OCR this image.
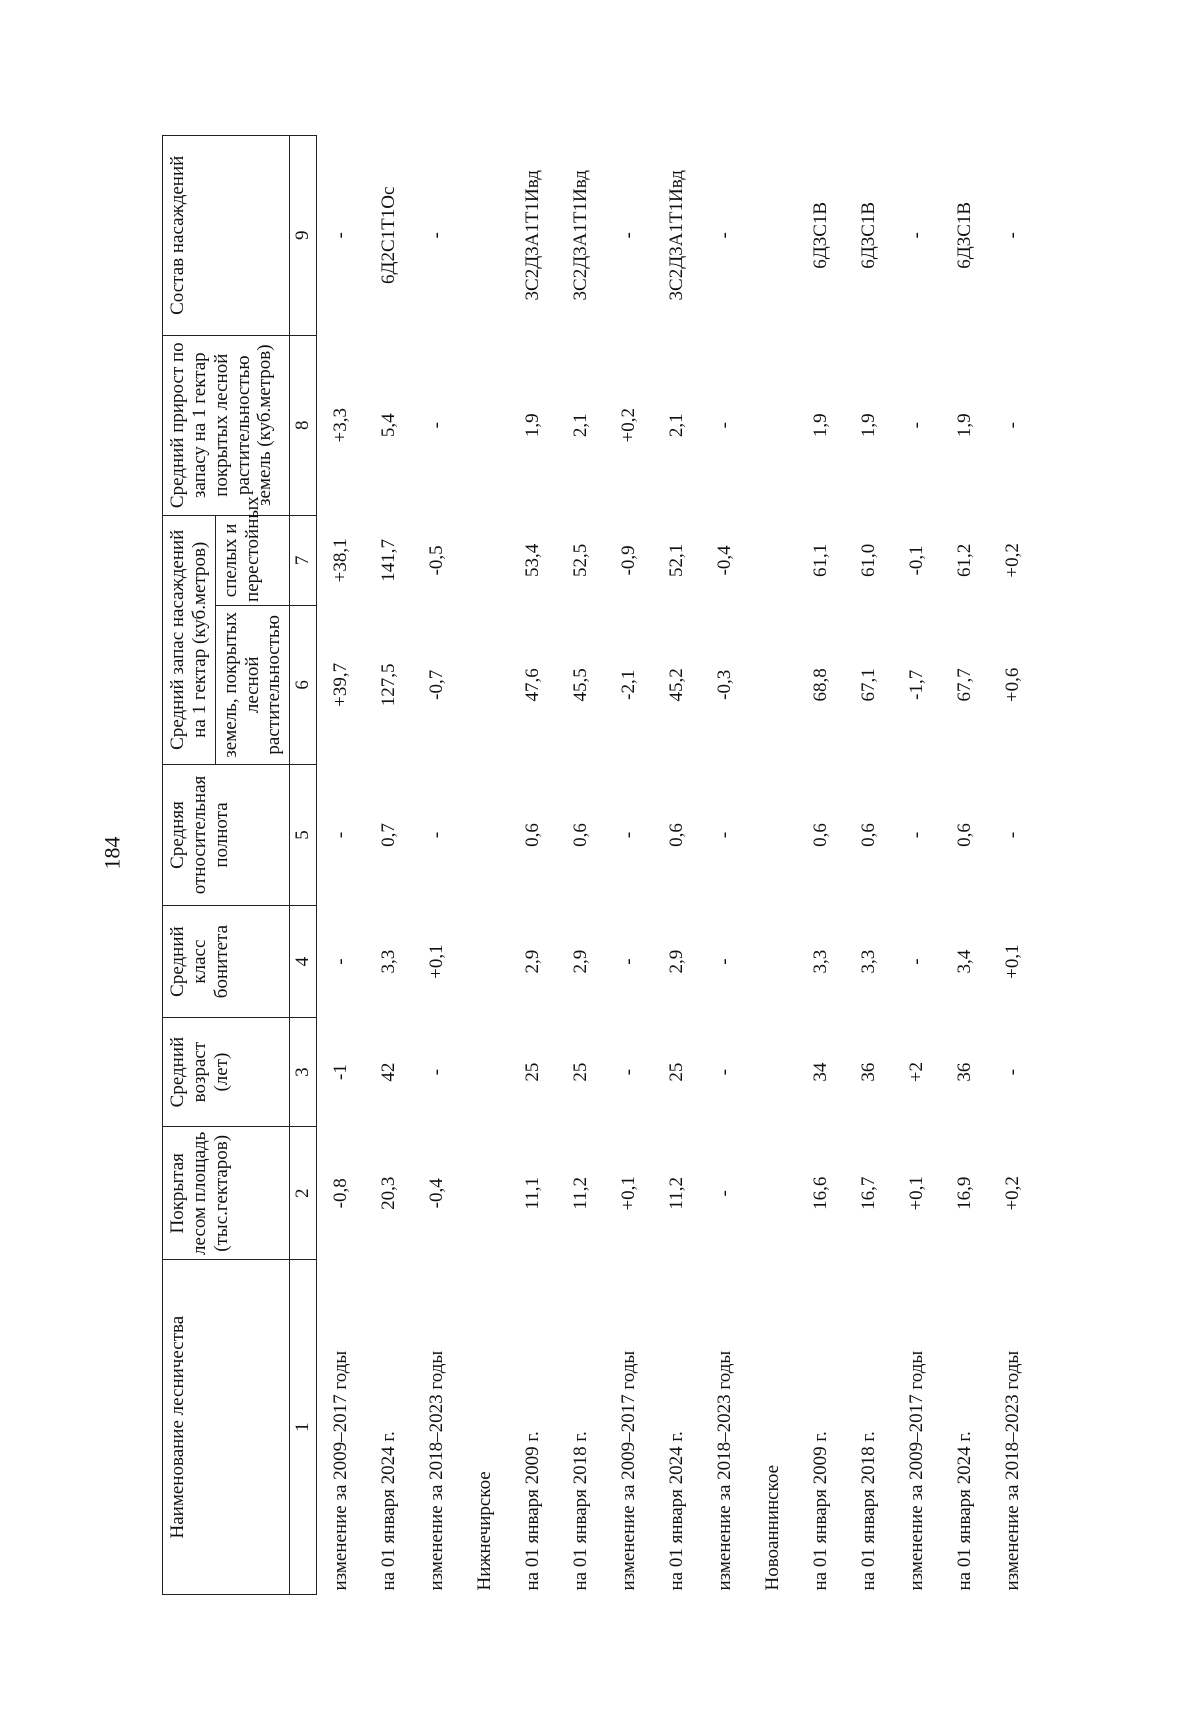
184
Наименование лесничества	Покрытая лесом площадь (тыс.гектаров)	Средний возраст (лет)	Средний класс бонитета	Средняя относительная полнота	Средний запас насаждений на 1 гектар (куб.метров)		Средний прирост по запасу на 1 гектар покрытых лесной растительностью земель (куб.метров)	Состав насаждений
					земель, покрытых лесной растительностью	спелых и перестойных		
1	2	3	4	5	6	7	8	9
изменение за 2009–2017 годы	-0,8	-1	-	-	+39,7	+38,1	+3,3	-
на 01 января 2024 г.	20,3	42	3,3	0,7	127,5	141,7	5,4	6Д2С1Т1Ос
изменение за 2018–2023 годы	-0,4	-	+0,1	-	-0,7	-0,5	-	-
Нижнечирское								
на 01 января 2009 г.	11,1	25	2,9	0,6	47,6	53,4	1,9	3С2Д3А1Т1Ивд
на 01 января 2018 г.	11,2	25	2,9	0,6	45,5	52,5	2,1	3С2Д3А1Т1Ивд
изменение за 2009–2017 годы	+0,1	-	-	-	-2,1	-0,9	+0,2	-
на 01 января 2024 г.	11,2	25	2,9	0,6	45,2	52,1	2,1	3С2Д3А1Т1Ивд
изменение за 2018–2023 годы	-	-	-	-	-0,3	-0,4	-	-
Новоаннинское								
на 01 января 2009 г.	16,6	34	3,3	0,6	68,8	61,1	1,9	6Д3С1В
на 01 января 2018 г.	16,7	36	3,3	0,6	67,1	61,0	1,9	6Д3С1В
изменение за 2009–2017 годы	+0,1	+2	-	-	-1,7	-0,1	-	-
на 01 января 2024 г.	16,9	36	3,4	0,6	67,7	61,2	1,9	6Д3С1В
изменение за 2018–2023 годы	+0,2	-	+0,1	-	+0,6	+0,2	-	-
